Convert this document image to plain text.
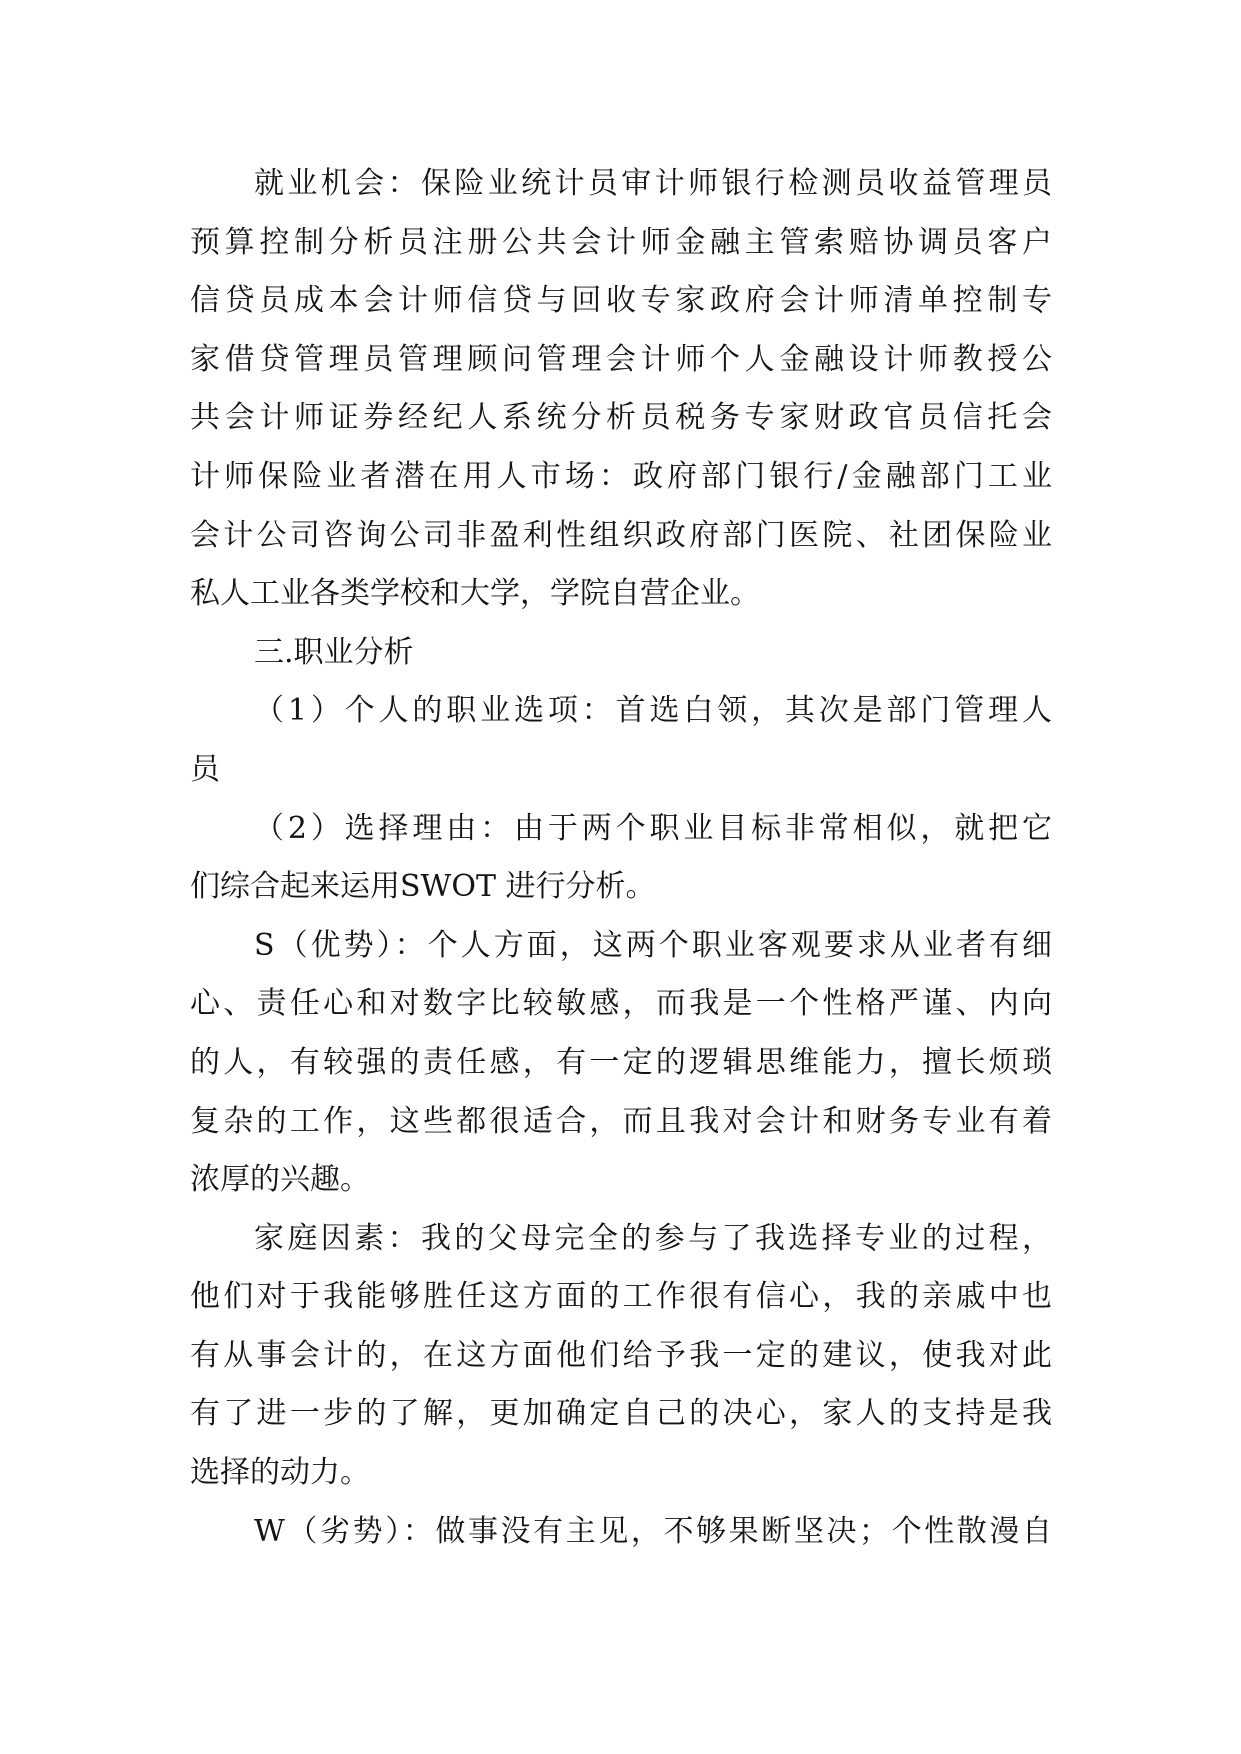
就业机会：保险业统计员审计师银行检测员收益管理员
预算控制分析员注册公共会计师金融主管索赔协调员客户
信贷员成本会计师信贷与回收专家政府会计师清单控制专
家借贷管理员管理顾问管理会计师个人金融设计师教授公
共会计师证券经纪人系统分析员税务专家财政官员信托会
计师保险业者潜在用人市场：政府部门银行/金融部门工业
会计公司咨询公司非盈利性组织政府部门医院、社团保险业
私人工业各类学校和大学，学院自营企业。
三.职业分析
（1）个人的职业选项：首选白领，其次是部门管理人
员
（2）选择理由：由于两个职业目标非常相似，就把它
们综合起来运用SWOT 进行分析。
S（优势）：个人方面，这两个职业客观要求从业者有细
心、责任心和对数字比较敏感，而我是一个性格严谨、内向
的人，有较强的责任感，有一定的逻辑思维能力，擅长烦琐
复杂的工作，这些都很适合，而且我对会计和财务专业有着
浓厚的兴趣。
家庭因素：我的父母完全的参与了我选择专业的过程，
他们对于我能够胜任这方面的工作很有信心，我的亲戚中也
有从事会计的，在这方面他们给予我一定的建议，使我对此
有了进一步的了解，更加确定自己的决心，家人的支持是我
选择的动力。
W（劣势）：做事没有主见，不够果断坚决；个性散漫自
